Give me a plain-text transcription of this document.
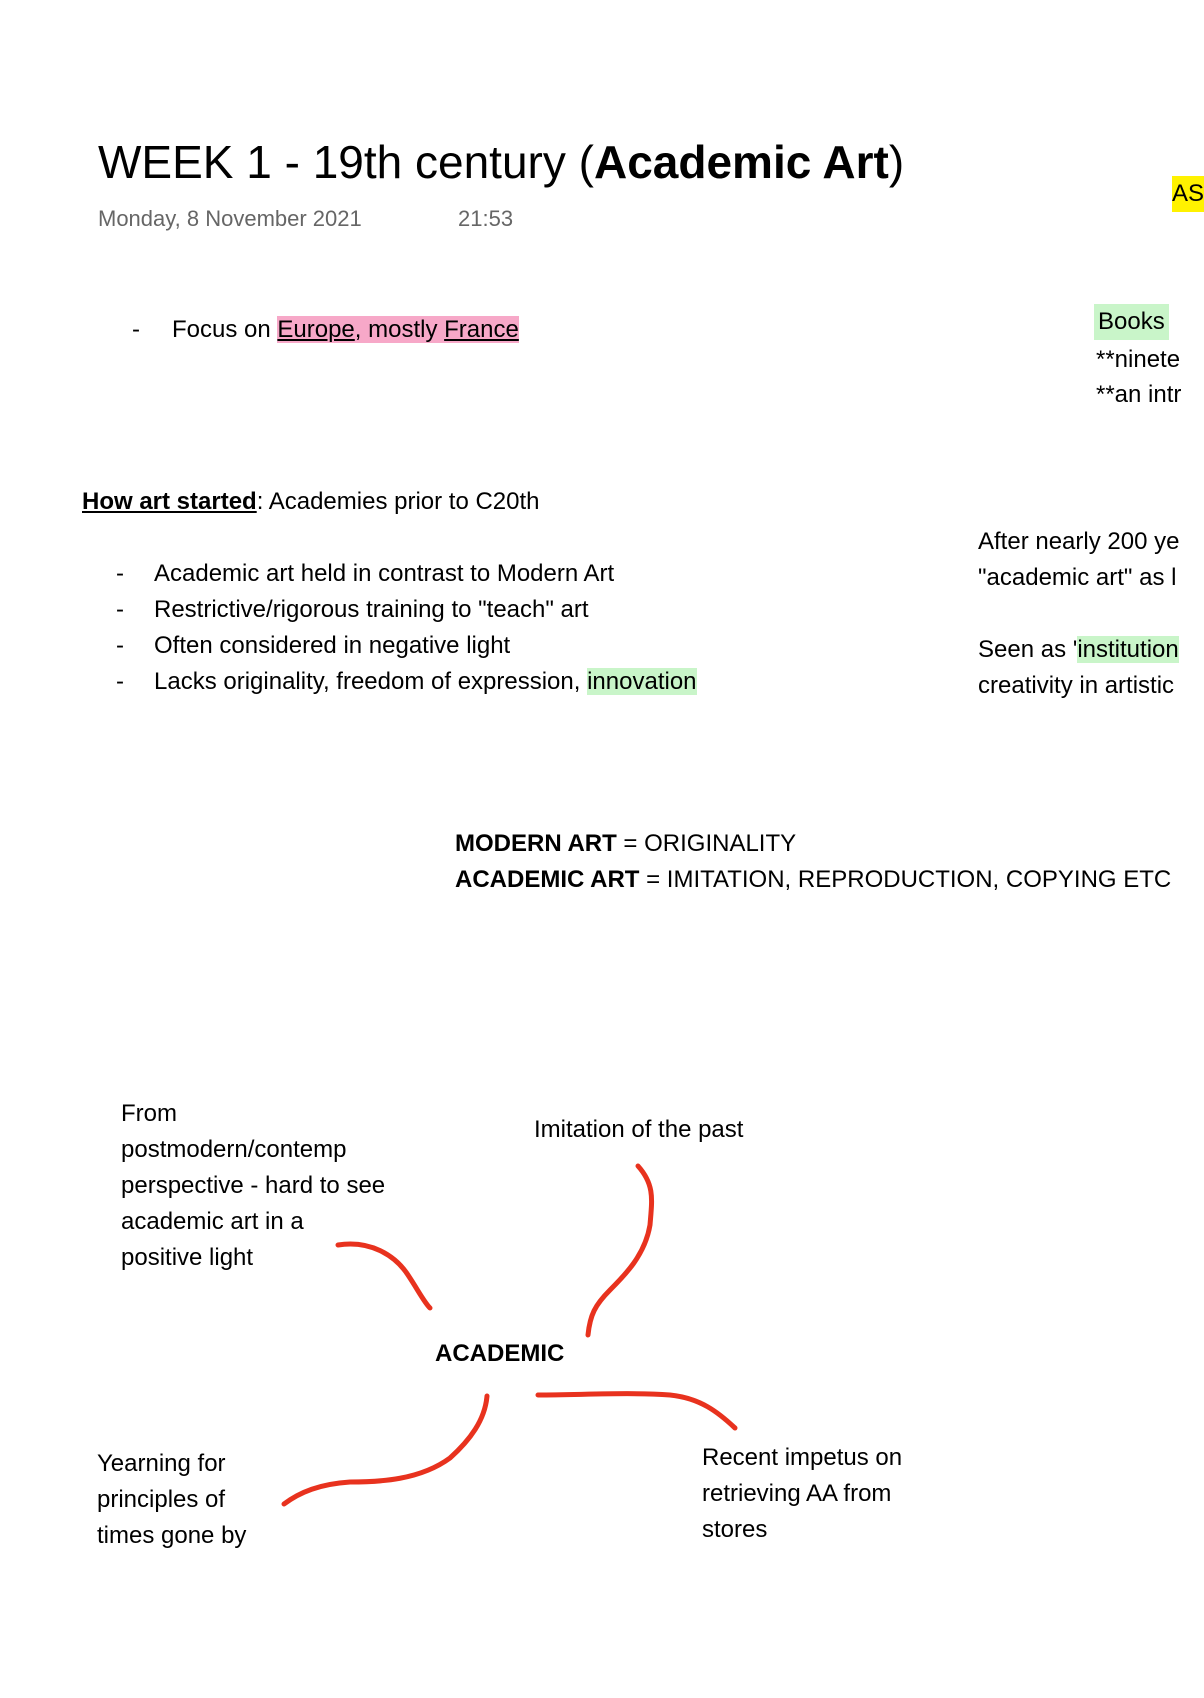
WEEK 1 - 19th century (Academic Art)
Monday, 8 November 2021	21:53
AS
Books
**ninete
**an intr
After nearly 200 ye
"academic art" as l
Seen as 'institution
creativity in artistic
- Focus on Europe, mostly France
How art started: Academies prior to C20th
- Academic art held in contrast to Modern Art
- Restrictive/rigorous training to "teach" art
- Often considered in negative light
- Lacks originality, freedom of expression, innovation
MODERN ART = ORIGINALITY
ACADEMIC ART = IMITATION, REPRODUCTION, COPYING ETC
From
postmodern/contemp
perspective - hard to see
academic art in a
positive light
Imitation of the past
ACADEMIC
Yearning for
principles of
times gone by
Recent impetus on
retrieving AA from
stores
